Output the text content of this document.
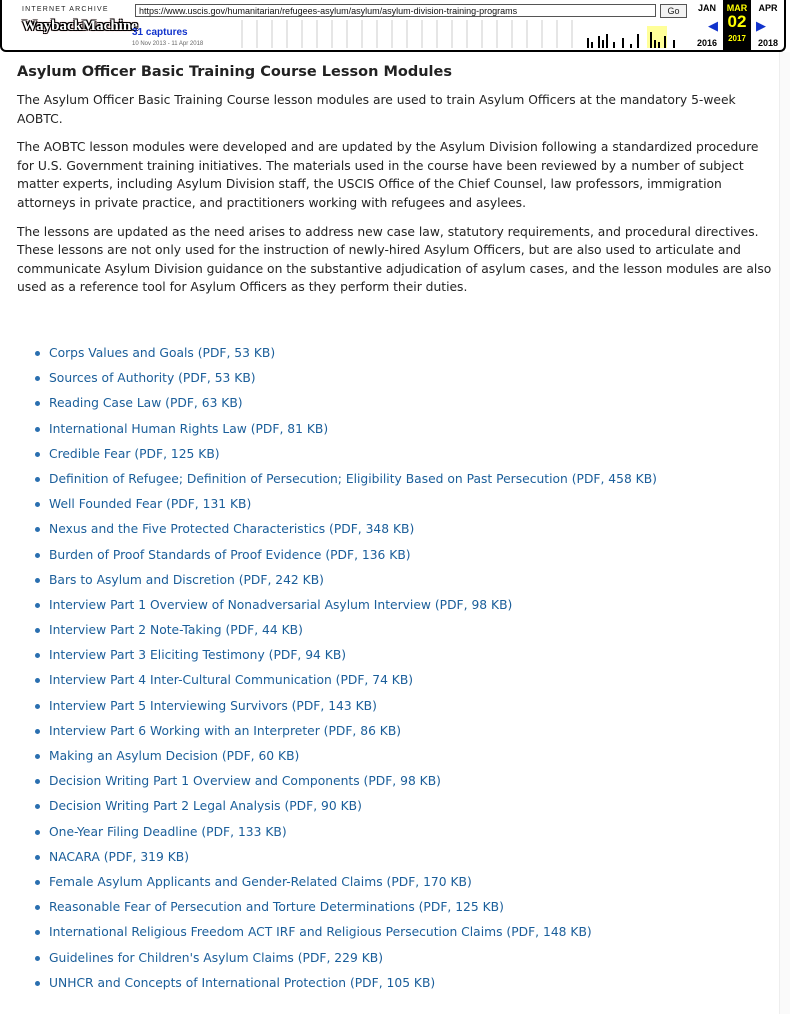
INTERNET ARCHIVE
WaybackMachine
https://www.uscis.gov/humanitarian/refugees-asylum/asylum/asylum-division-training-programs	Go
31 captures
10 Nov 2013 - 11 Apr 2018
JAN	MAR
02
2017
APR
◀	▶
2016	2018
Asylum Officer Basic Training Course Lesson Modules

The Asylum Officer Basic Training Course lesson modules are used to train Asylum Officers at the mandatory 5-week AOBTC.

The AOBTC lesson modules were developed and are updated by the Asylum Division following a standardized procedure for U.S. Government training initiatives. The materials used in the course have been reviewed by a number of subject matter experts, including Asylum Division staff, the USCIS Office of the Chief Counsel, law professors, immigration attorneys in private practice, and practitioners working with refugees and asylees.

The lessons are updated as the need arises to address new case law, statutory requirements, and procedural directives. These lessons are not only used for the instruction of newly-hired Asylum Officers, but are also used to articulate and communicate Asylum Division guidance on the substantive adjudication of asylum cases, and the lesson modules are also used as a reference tool for Asylum Officers as they perform their duties.

Corps Values and Goals (PDF, 53 KB)
Sources of Authority (PDF, 53 KB)
Reading Case Law (PDF, 63 KB)
International Human Rights Law (PDF, 81 KB)
Credible Fear (PDF, 125 KB)
Definition of Refugee; Definition of Persecution; Eligibility Based on Past Persecution (PDF, 458 KB)
Well Founded Fear (PDF, 131 KB)
Nexus and the Five Protected Characteristics (PDF, 348 KB)
Burden of Proof Standards of Proof Evidence (PDF, 136 KB)
Bars to Asylum and Discretion (PDF, 242 KB)
Interview Part 1 Overview of Nonadversarial Asylum Interview (PDF, 98 KB)
Interview Part 2 Note-Taking (PDF, 44 KB)
Interview Part 3 Eliciting Testimony (PDF, 94 KB)
Interview Part 4 Inter-Cultural Communication (PDF, 74 KB)
Interview Part 5 Interviewing Survivors (PDF, 143 KB)
Interview Part 6 Working with an Interpreter (PDF, 86 KB)
Making an Asylum Decision (PDF, 60 KB)
Decision Writing Part 1 Overview and Components (PDF, 98 KB)
Decision Writing Part 2 Legal Analysis (PDF, 90 KB)
One-Year Filing Deadline (PDF, 133 KB)
NACARA (PDF, 319 KB)
Female Asylum Applicants and Gender-Related Claims (PDF, 170 KB)
Reasonable Fear of Persecution and Torture Determinations (PDF, 125 KB)
International Religious Freedom ACT IRF and Religious Persecution Claims (PDF, 148 KB)
Guidelines for Children's Asylum Claims (PDF, 229 KB)
UNHCR and Concepts of International Protection (PDF, 105 KB)
